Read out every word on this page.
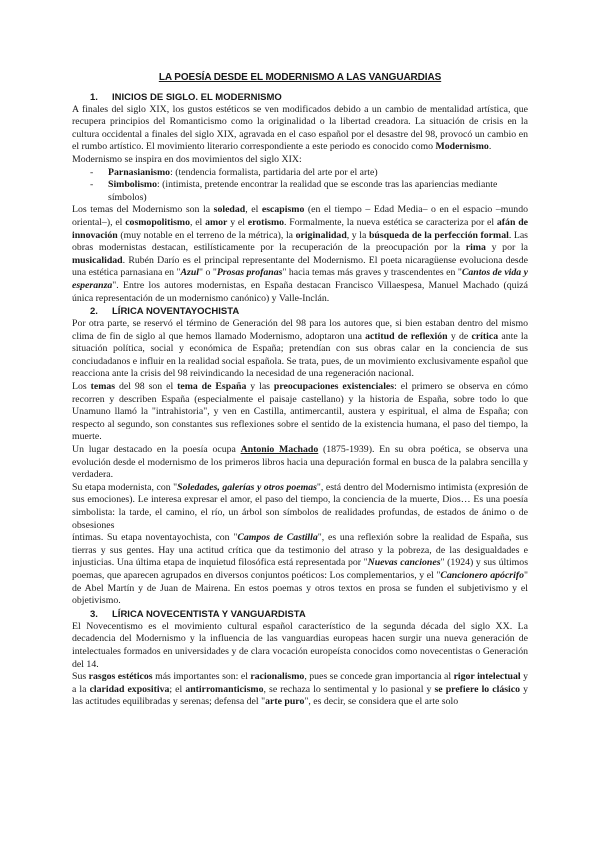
LA POESÍA DESDE EL MODERNISMO A LAS VANGUARDIAS
1. INICIOS DE SIGLO. EL MODERNISMO

A finales del siglo XIX, los gustos estéticos se ven modificados debido a un cambio de mentalidad artística, que recupera principios del Romanticismo como la originalidad o la libertad creadora. La situación de crisis en la cultura occidental a finales del siglo XIX, agravada en el caso español por el desastre del 98, provocó un cambio en el rumbo artístico. El movimiento literario correspondiente a este periodo es conocido como Modernismo.

Modernismo se inspira en dos movimientos del siglo XIX:

- Parnasianismo: (tendencia formalista, partidaria del arte por el arte)
- Simbolismo: (intimista, pretende encontrar la realidad que se esconde tras las apariencias mediante símbolos)

Los temas del Modernismo son la soledad, el escapismo (en el tiempo – Edad Media– o en el espacio –mundo oriental–), el cosmopolitismo, el amor y el erotismo. Formalmente, la nueva estética se caracteriza por el afán de innovación (muy notable en el terreno de la métrica), la originalidad, y la búsqueda de la perfección formal. Las obras modernistas destacan, estilísticamente por la recuperación de la preocupación por la rima y por la musicalidad. Rubén Darío es el principal representante del Modernismo. El poeta nicaragüense evoluciona desde una estética parnasiana en "Azul" o "Prosas profanas" hacia temas más graves y trascendentes en "Cantos de vida y esperanza". Entre los autores modernistas, en España destacan Francisco Villaespesa, Manuel Machado (quizá única representación de un modernismo canónico) y Valle-Inclán.

2. LÍRICA NOVENTAYOCHISTA

Por otra parte, se reservó el término de Generación del 98 para los autores que, si bien estaban dentro del mismo clima de fin de siglo al que hemos llamado Modernismo, adoptaron una actitud de reflexión y de crítica ante la situación política, social y económica de España; pretendían con sus obras calar en la conciencia de sus conciudadanos e influir en la realidad social española. Se trata, pues, de un movimiento exclusivamente español que reacciona ante la crisis del 98 reivindicando la necesidad de una regeneración nacional.

Los temas del 98 son el tema de España y las preocupaciones existenciales: el primero se observa en cómo recorren y describen España (especialmente el paisaje castellano) y la historia de España, sobre todo lo que Unamuno llamó la "intrahistoria", y ven en Castilla, antimercantil, austera y espiritual, el alma de España; con respecto al segundo, son constantes sus reflexiones sobre el sentido de la existencia humana, el paso del tiempo, la muerte.

Un lugar destacado en la poesía ocupa Antonio Machado (1875-1939). En su obra poética, se observa una evolución desde el modernismo de los primeros libros hacia una depuración formal en busca de la palabra sencilla y verdadera.

Su etapa modernista, con "Soledades, galerías y otros poemas", está dentro del Modernismo intimista (expresión de sus emociones). Le interesa expresar el amor, el paso del tiempo, la conciencia de la muerte, Dios… Es una poesía simbolista: la tarde, el camino, el río, un árbol son símbolos de realidades profundas, de estados de ánimo o de obsesiones

íntimas. Su etapa noventayochista, con "Campos de Castilla", es una reflexión sobre la realidad de España, sus tierras y sus gentes. Hay una actitud crítica que da testimonio del atraso y la pobreza, de las desigualdades e injusticias. Una última etapa de inquietud filosófica está representada por "Nuevas canciones" (1924) y sus últimos poemas, que aparecen agrupados en diversos conjuntos poéticos: Los complementarios, y el "Cancionero apócrifo" de Abel Martín y de Juan de Mairena. En estos poemas y otros textos en prosa se funden el subjetivismo y el objetivismo.

3. LÍRICA NOVECENTISTA Y VANGUARDISTA

El Novecentismo es el movimiento cultural español característico de la segunda década del siglo XX. La decadencia del Modernismo y la influencia de las vanguardias europeas hacen surgir una nueva generación de intelectuales formados en universidades y de clara vocación europeísta conocidos como novecentistas o Generación del 14.

Sus rasgos estéticos más importantes son: el racionalismo, pues se concede gran importancia al rigor intelectual y a la claridad expositiva; el antirromanticismo, se rechaza lo sentimental y lo pasional y se prefiere lo clásico y las actitudes equilibradas y serenas; defensa del "arte puro", es decir, se considera que el arte solo
